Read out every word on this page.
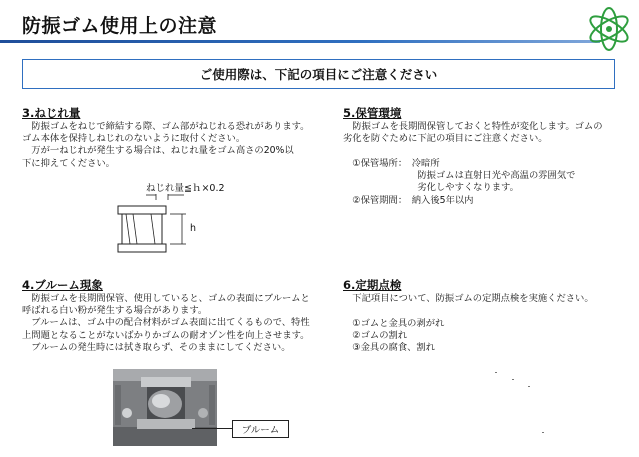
防振ゴム使用上の注意
ご使用際は、下記の項目にご注意ください
3.ねじれ量
　防振ゴムをねじで締結する際、ゴム部がねじれる恐れがあります。
ゴム本体を保持しねじれのないように取付ください。
　万が一ねじれが発生する場合は、ねじれ量をゴム高さの20%以
下に抑えてください。
ねじれ量≦ｈ×0.2
h
5.保管環境
　防振ゴムを長期間保管しておくと特性が変化します。ゴムの
劣化を防ぐために下記の項目にご注意ください。
　①保管場所：　冷暗所
　　　　　　　　防振ゴムは直射日光や高温の雰囲気で
　　　　　　　　劣化しやすくなります。
　②保管期間：　納入後5年以内
4.ブルーム現象
　防振ゴムを長期間保管、使用していると、ゴムの表面にブルームと
呼ばれる白い粉が発生する場合があります。
　ブルームは、ゴム中の配合材料がゴム表面に出てくるもので、特性
上問題となることがないばかりかゴムの耐オゾン性を向上させます。
　ブルームの発生時には拭き取らず、そのままにしてください。
ブルーム
6.定期点検
　下記項目について、防振ゴムの定期点検を実施ください。
　①ゴムと金具の剥がれ
　②ゴムの割れ
　③金具の腐食、割れ
